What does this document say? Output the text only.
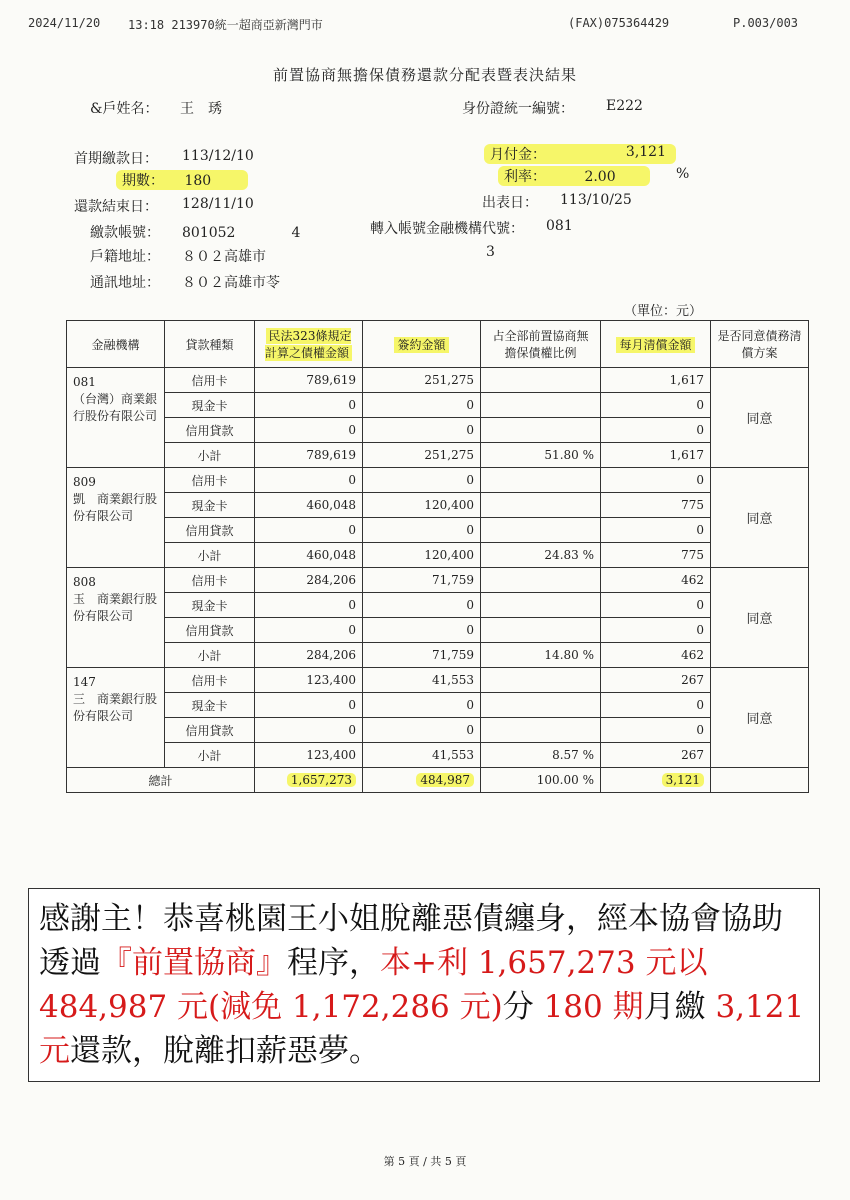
2024/11/20 13:18 213970統一超商亞新灣門市	(FAX)075364429	P.003/003
前置協商無擔保債務還款分配表暨表決結果
&戶姓名： 王　琇	身份證統一編號： E222
首期繳款日： 113/12/10	月付金：	3,121
期數： 180	利率：	2.00	%
還款結束日： 128/11/10	出表日： 113/10/25
繳款帳號： 801052　　　　4	轉入帳號金融機構代號： 081
戶籍地址： ８０２高雄市	3
通訊地址： ８０２高雄市苓
（單位：元）
金融機構	貸款種類	民法323條規定計算之債權金額	簽約金額	占全部前置協商無擔保債權比例	每月清償金額	是否同意債務清償方案
081
（台灣）商業銀行股份有限公司	信用卡	789,619	251,275		1,617	同意
	現金卡	0	0		0	
	信用貸款	0	0		0	
	小計	789,619	251,275	51.80 %	1,617	
809
凱　商業銀行股份有限公司	信用卡	0	0		0	同意
	現金卡	460,048	120,400		775	
	信用貸款	0	0		0	
	小計	460,048	120,400	24.83 %	775	
808
玉　商業銀行股份有限公司	信用卡	284,206	71,759		462	同意
	現金卡	0	0		0	
	信用貸款	0	0		0	
	小計	284,206	71,759	14.80 %	462	
147
三　商業銀行股份有限公司	信用卡	123,400	41,553		267	同意
	現金卡	0	0		0	
	信用貸款	0	0		0	
	小計	123,400	41,553	8.57 %	267	
總計		1,657,273	484,987	100.00 %	3,121	
感謝主！恭喜桃園王小姐脫離惡債纏身，經本協會協助透過『前置協商』程序，本+利 1,657,273 元以 484,987 元(減免 1,172,286 元)分 180 期月繳 3,121 元還款，脫離扣薪惡夢。
第 5 頁 / 共 5 頁
